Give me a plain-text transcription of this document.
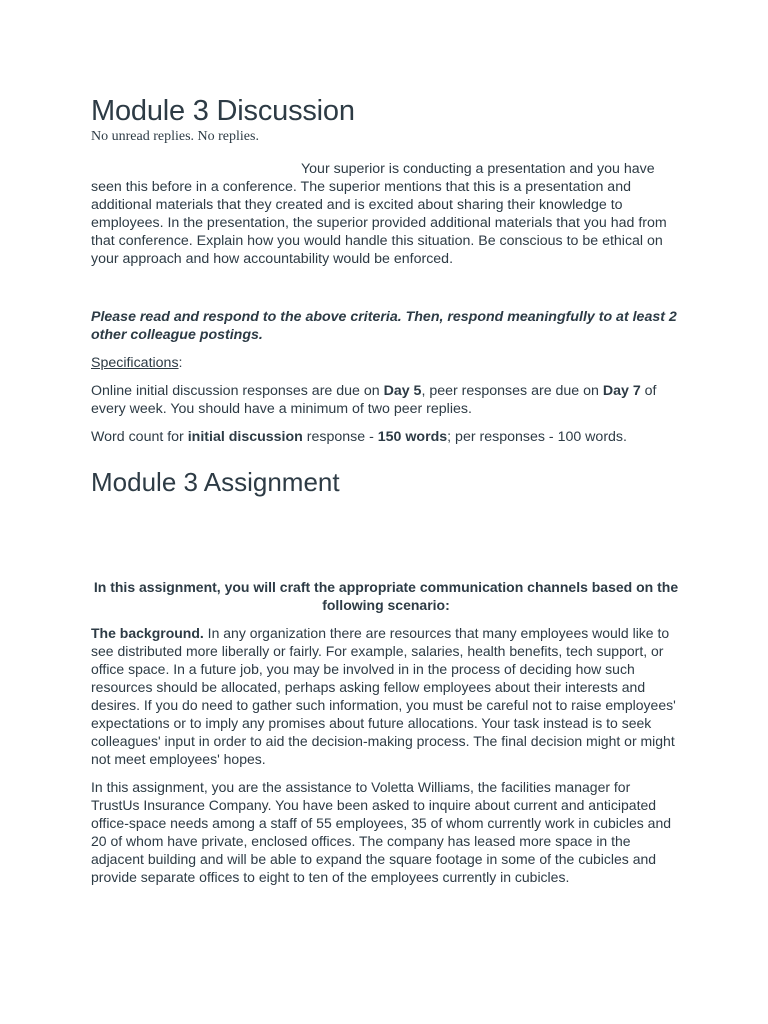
Module 3 Discussion

No unread replies. No replies.

Your superior is conducting a presentation and you have seen this before in a conference. The superior mentions that this is a presentation and additional materials that they created and is excited about sharing their knowledge to employees. In the presentation, the superior provided additional materials that you had from that conference. Explain how you would handle this situation. Be conscious to be ethical on your approach and how accountability would be enforced.

Please read and respond to the above criteria. Then, respond meaningfully to at least 2 other colleague postings.

Specifications:

Online initial discussion responses are due on Day 5, peer responses are due on Day 7 of every week. You should have a minimum of two peer replies.

Word count for initial discussion response - 150 words; per responses - 100 words.

Module 3 Assignment

In this assignment, you will craft the appropriate communication channels based on the following scenario:

The background. In any organization there are resources that many employees would like to see distributed more liberally or fairly. For example, salaries, health benefits, tech support, or office space. In a future job, you may be involved in in the process of deciding how such resources should be allocated, perhaps asking fellow employees about their interests and desires. If you do need to gather such information, you must be careful not to raise employees' expectations or to imply any promises about future allocations. Your task instead is to seek colleagues' input in order to aid the decision-making process. The final decision might or might not meet employees' hopes.

In this assignment, you are the assistance to Voletta Williams, the facilities manager for TrustUs Insurance Company. You have been asked to inquire about current and anticipated office-space needs among a staff of 55 employees, 35 of whom currently work in cubicles and 20 of whom have private, enclosed offices. The company has leased more space in the adjacent building and will be able to expand the square footage in some of the cubicles and provide separate offices to eight to ten of the employees currently in cubicles.
